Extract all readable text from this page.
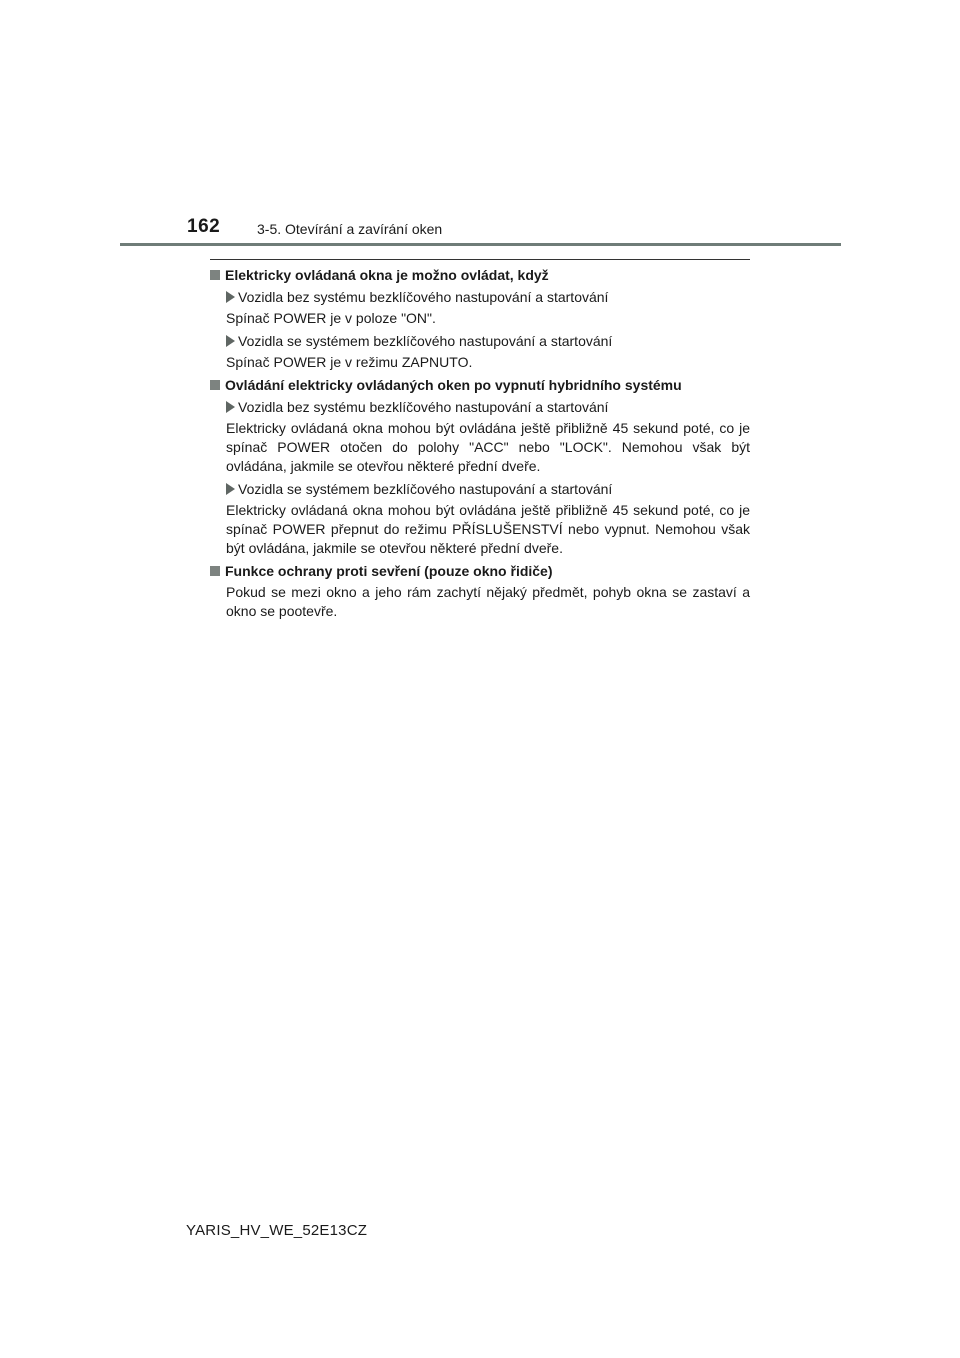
162	3-5. Otevírání a zavírání oken
Elektricky ovládaná okna je možno ovládat, když
Vozidla bez systému bezklíčového nastupování a startování
Spínač POWER je v poloze "ON".
Vozidla se systémem bezklíčového nastupování a startování
Spínač POWER je v režimu ZAPNUTO.
Ovládání elektricky ovládaných oken po vypnutí hybridního systému
Vozidla bez systému bezklíčového nastupování a startování
Elektricky ovládaná okna mohou být ovládána ještě přibližně 45 sekund poté, co je spínač POWER otočen do polohy "ACC" nebo "LOCK". Nemohou však být ovládána, jakmile se otevřou některé přední dveře.
Vozidla se systémem bezklíčového nastupování a startování
Elektricky ovládaná okna mohou být ovládána ještě přibližně 45 sekund poté, co je spínač POWER přepnut do režimu PŘÍSLUŠENSTVÍ nebo vypnut. Nemohou však být ovládána, jakmile se otevřou některé přední dveře.
Funkce ochrany proti sevření (pouze okno řidiče)
Pokud se mezi okno a jeho rám zachytí nějaký předmět, pohyb okna se zastaví a okno se pootevře.
YARIS_HV_WE_52E13CZ
